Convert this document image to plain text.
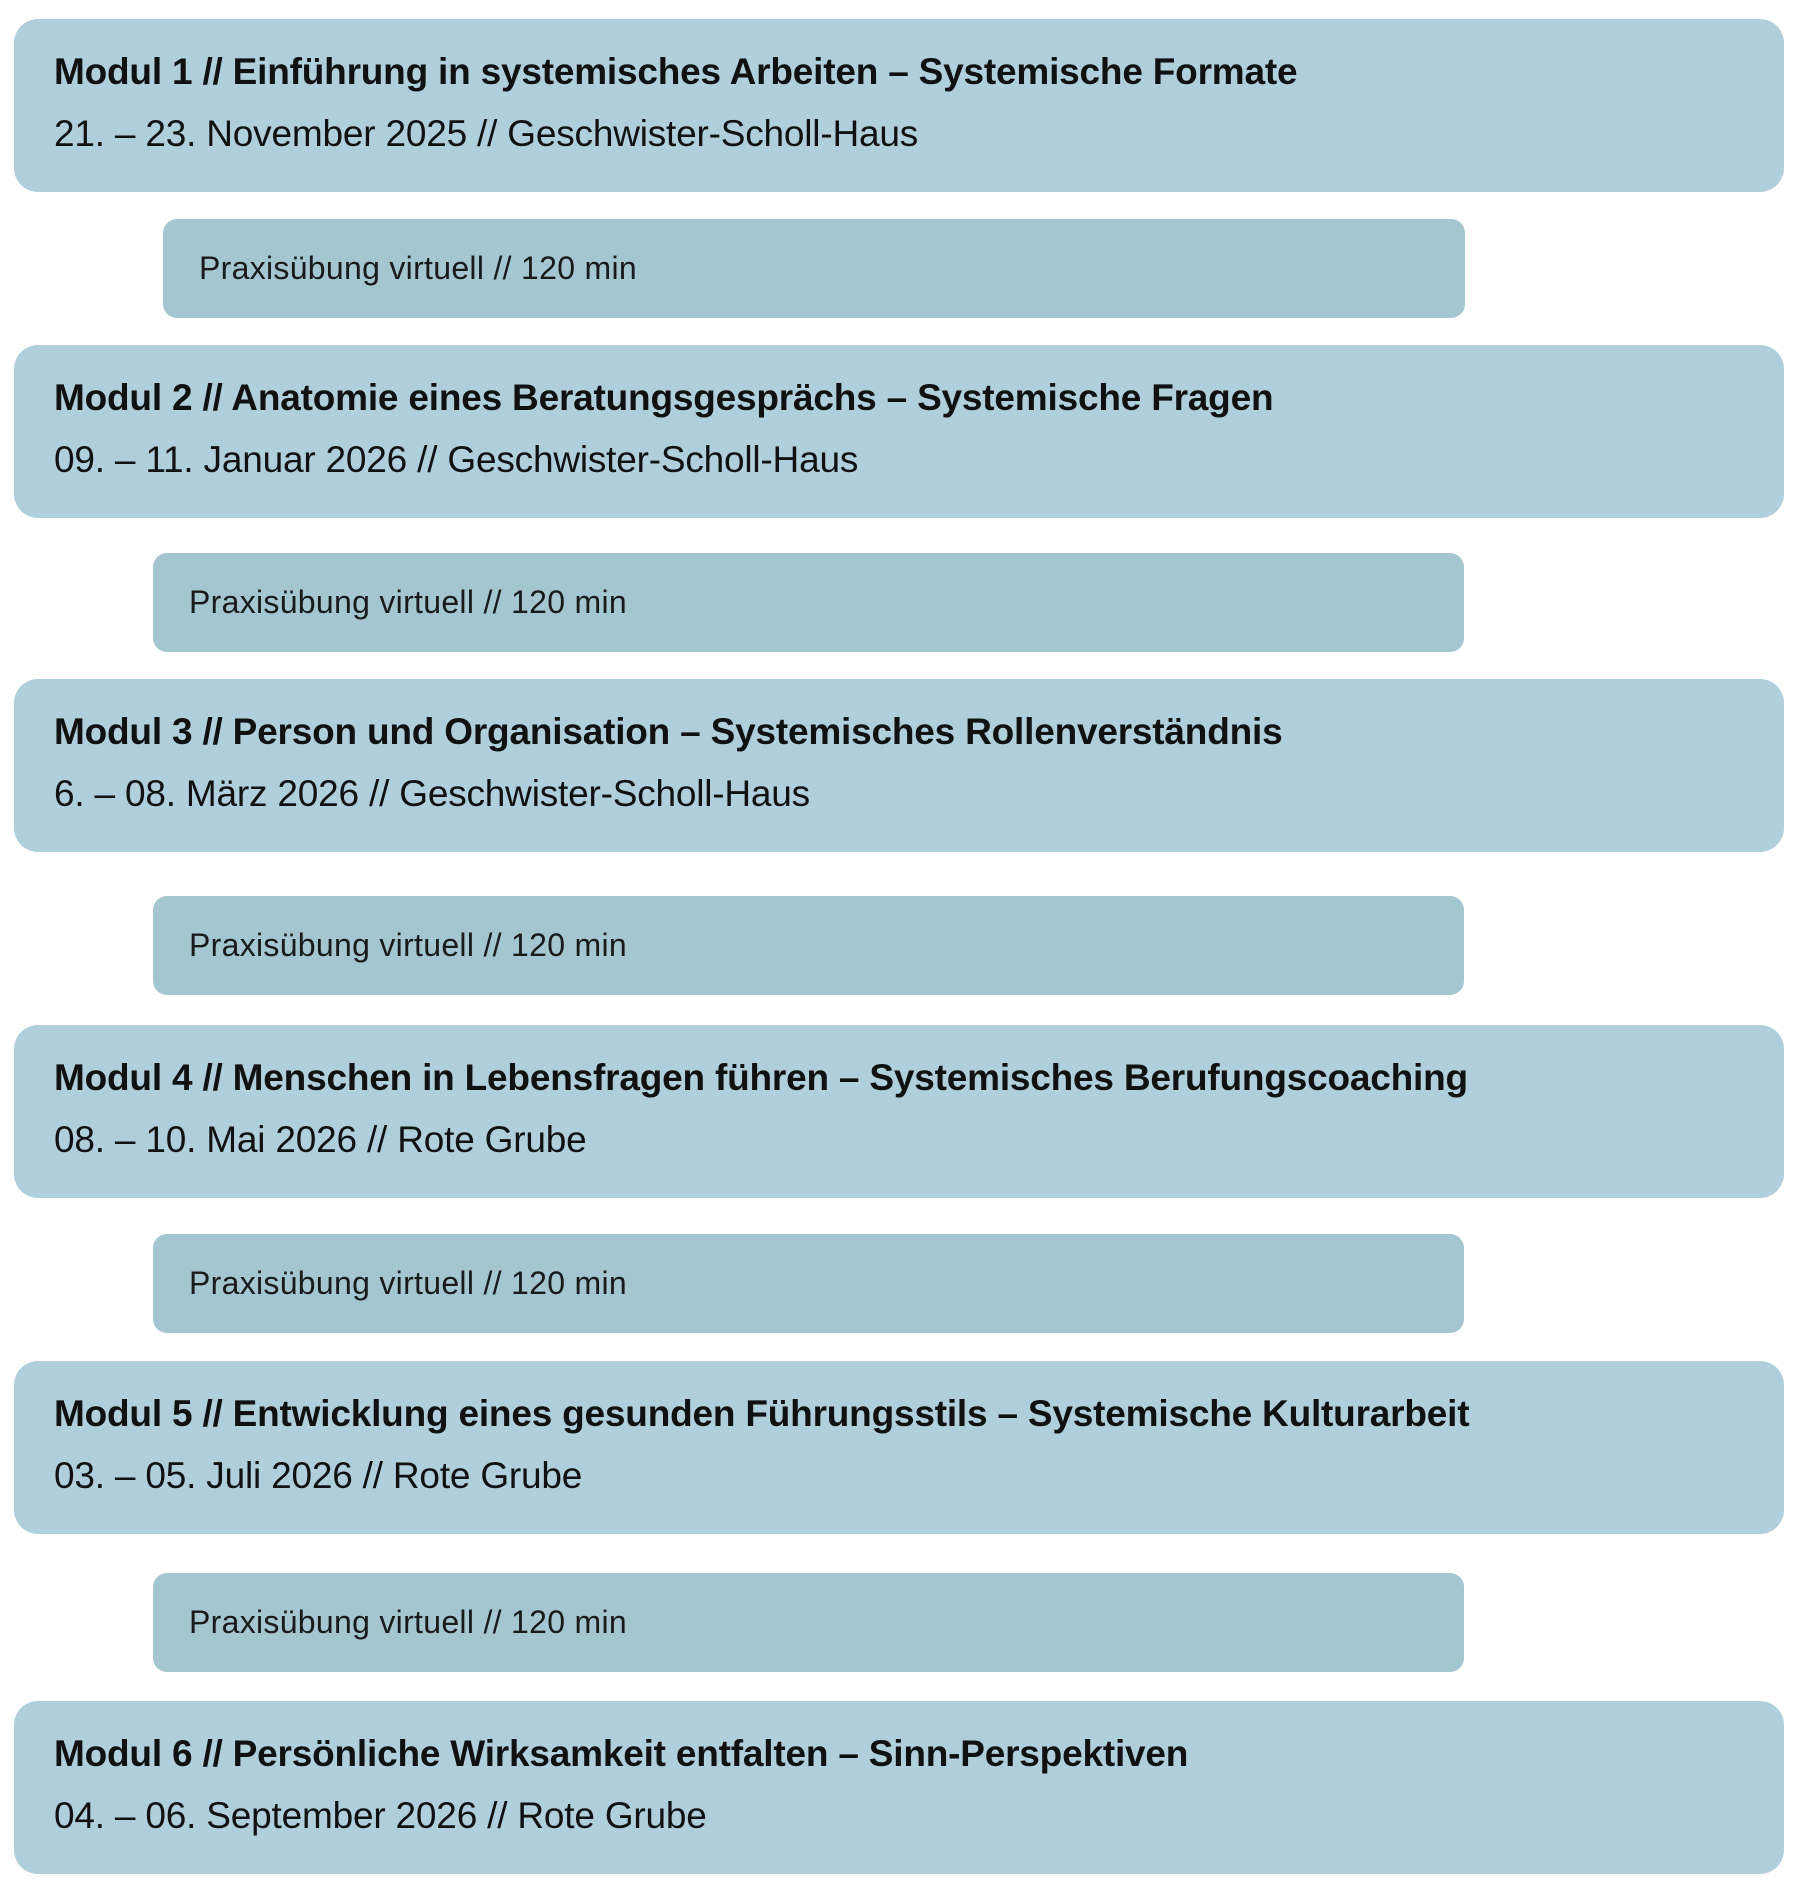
Modul 1 // Einführung in systemisches Arbeiten – Systemische Formate
21. – 23. November 2025 // Geschwister-Scholl-Haus
Praxisübung virtuell // 120 min
Modul 2 // Anatomie eines Beratungsgesprächs – Systemische Fragen
09. – 11. Januar 2026 // Geschwister-Scholl-Haus
Praxisübung virtuell // 120 min
Modul 3 // Person und Organisation – Systemisches Rollenverständnis
6. – 08. März 2026 // Geschwister-Scholl-Haus
Praxisübung virtuell // 120 min
Modul 4 // Menschen in Lebensfragen führen – Systemisches Berufungscoaching
08. – 10. Mai 2026 // Rote Grube
Praxisübung virtuell // 120 min
Modul 5 // Entwicklung eines gesunden Führungsstils – Systemische Kulturarbeit
03. – 05. Juli 2026 // Rote Grube
Praxisübung virtuell // 120 min
Modul 6 // Persönliche Wirksamkeit entfalten – Sinn-Perspektiven
04. – 06. September 2026 // Rote Grube
